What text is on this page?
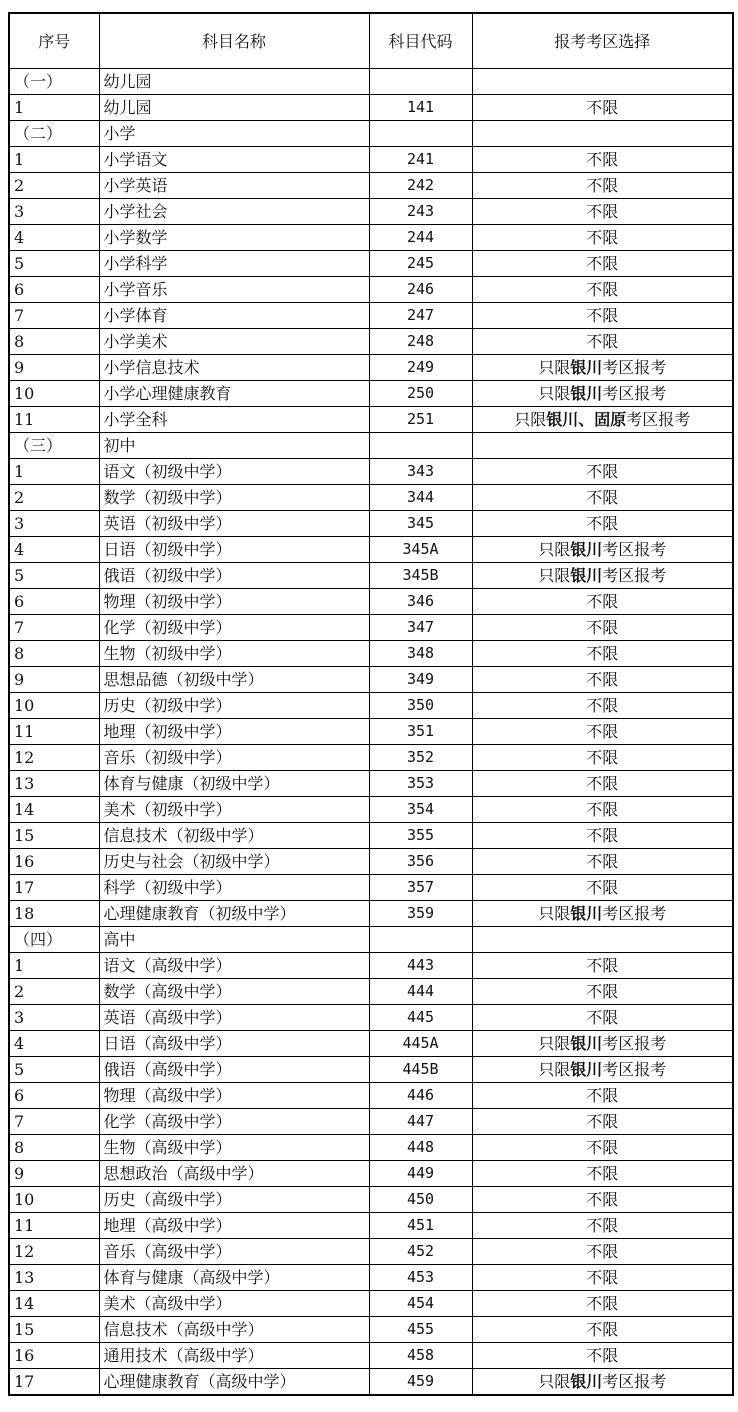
序号	科目名称	科目代码	报考考区选择
（一）	幼儿园		
1	幼儿园	141	不限
（二）	小学		
1	小学语文	241	不限
2	小学英语	242	不限
3	小学社会	243	不限
4	小学数学	244	不限
5	小学科学	245	不限
6	小学音乐	246	不限
7	小学体育	247	不限
8	小学美术	248	不限
9	小学信息技术	249	只限银川考区报考
10	小学心理健康教育	250	只限银川考区报考
11	小学全科	251	只限银川、固原考区报考
（三）	初中		
1	语文（初级中学）	343	不限
2	数学（初级中学）	344	不限
3	英语（初级中学）	345	不限
4	日语（初级中学）	345A	只限银川考区报考
5	俄语（初级中学）	345B	只限银川考区报考
6	物理（初级中学）	346	不限
7	化学（初级中学）	347	不限
8	生物（初级中学）	348	不限
9	思想品德（初级中学）	349	不限
10	历史（初级中学）	350	不限
11	地理（初级中学）	351	不限
12	音乐（初级中学）	352	不限
13	体育与健康（初级中学）	353	不限
14	美术（初级中学）	354	不限
15	信息技术（初级中学）	355	不限
16	历史与社会（初级中学）	356	不限
17	科学（初级中学）	357	不限
18	心理健康教育（初级中学）	359	只限银川考区报考
（四）	高中		
1	语文（高级中学）	443	不限
2	数学（高级中学）	444	不限
3	英语（高级中学）	445	不限
4	日语（高级中学）	445A	只限银川考区报考
5	俄语（高级中学）	445B	只限银川考区报考
6	物理（高级中学）	446	不限
7	化学（高级中学）	447	不限
8	生物（高级中学）	448	不限
9	思想政治（高级中学）	449	不限
10	历史（高级中学）	450	不限
11	地理（高级中学）	451	不限
12	音乐（高级中学）	452	不限
13	体育与健康（高级中学）	453	不限
14	美术（高级中学）	454	不限
15	信息技术（高级中学）	455	不限
16	通用技术（高级中学）	458	不限
17	心理健康教育（高级中学）	459	只限银川考区报考
